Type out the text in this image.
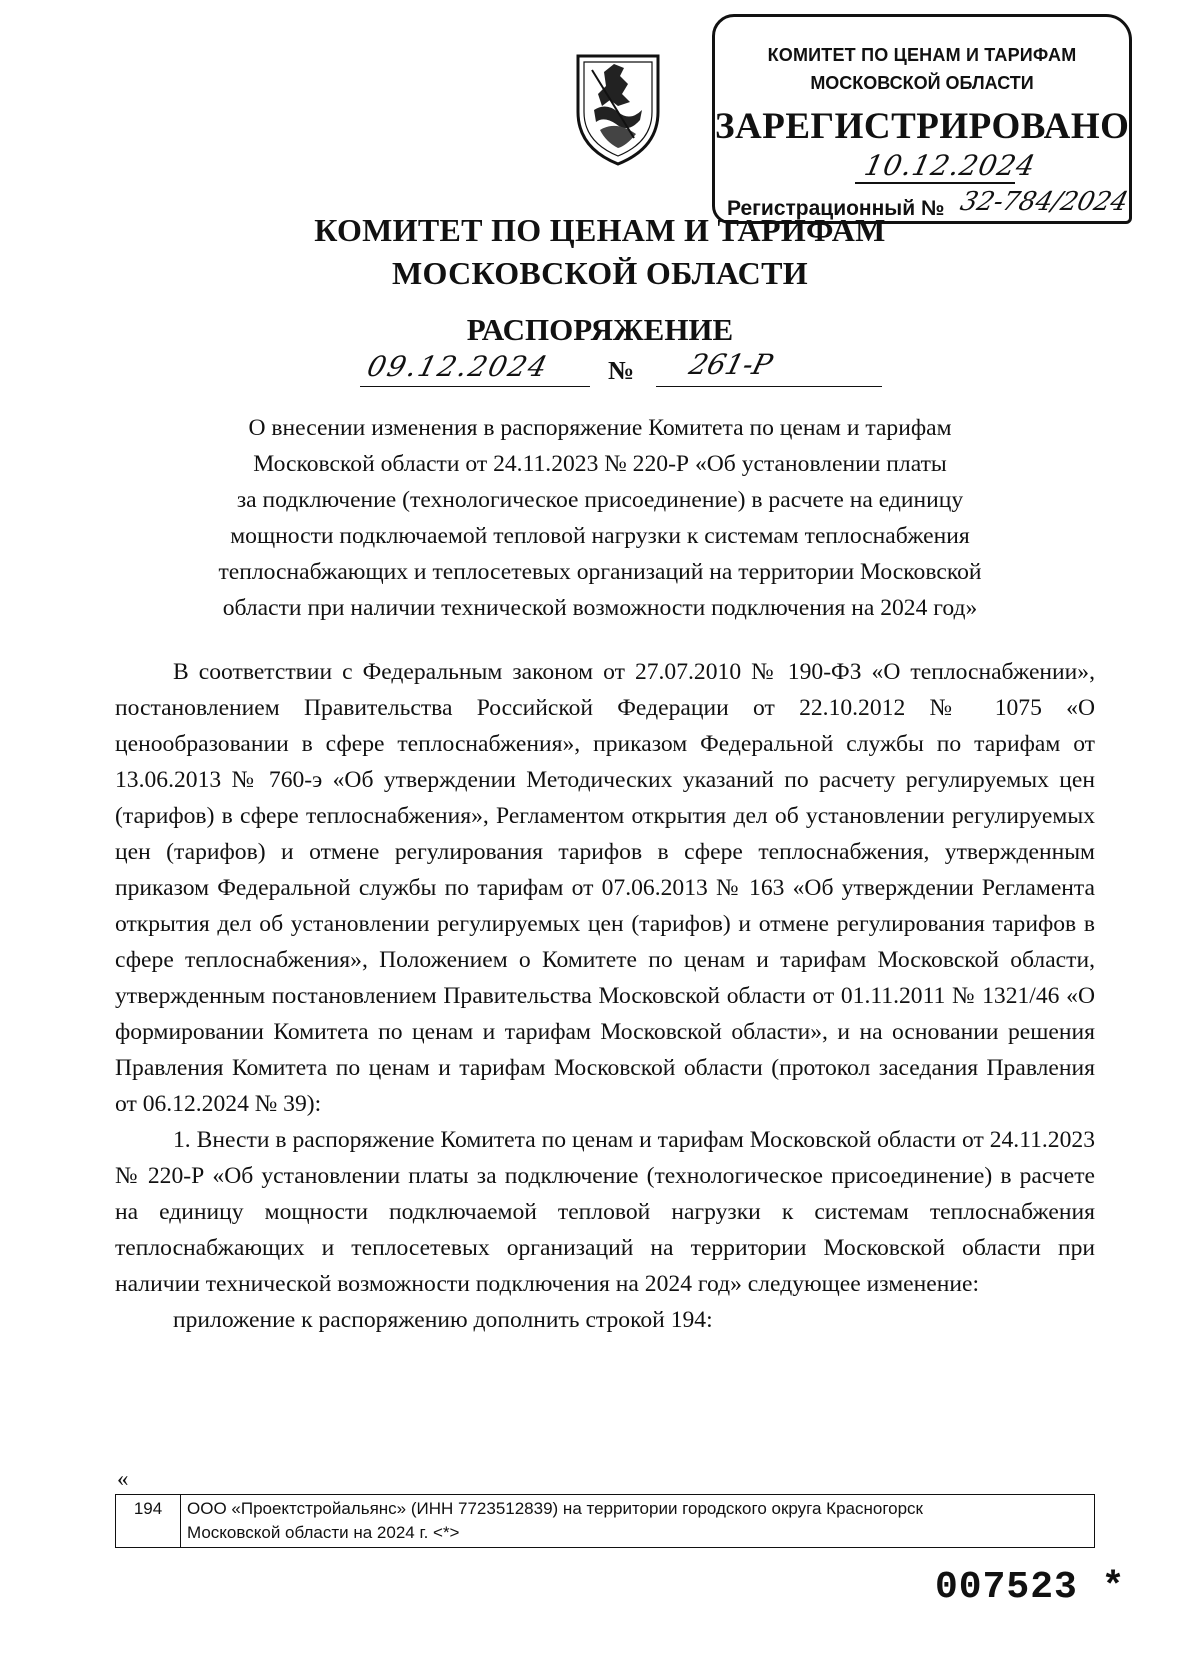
КОМИТЕТ ПО ЦЕНАМ И ТАРИФАМ
МОСКОВСКОЙ ОБЛАСТИ
ЗАРЕГИСТРИРОВАНО
10.12.2024
Регистрационный № 32-784/2024
КОМИТЕТ ПО ЦЕНАМ И ТАРИФАМ
МОСКОВСКОЙ ОБЛАСТИ
РАСПОРЯЖЕНИЕ
09.12.2024 № 261-Р
О внесении изменения в распоряжение Комитета по ценам и тарифам
Московской области от 24.11.2023 № 220-Р «Об установлении платы
за подключение (технологическое присоединение) в расчете на единицу
мощности подключаемой тепловой нагрузки к системам теплоснабжения
теплоснабжающих и теплосетевых организаций на территории Московской
области при наличии технической возможности подключения на 2024 год»

В соответствии с Федеральным законом от 27.07.2010 № 190-ФЗ «О теплоснабжении», постановлением Правительства Российской Федерации от 22.10.2012 № 1075 «О ценообразовании в сфере теплоснабжения», приказом Федеральной службы по тарифам от 13.06.2013 № 760-э «Об утверждении Методических указаний по расчету регулируемых цен (тарифов) в сфере теплоснабжения», Регламентом открытия дел об установлении регулируемых цен (тарифов) и отмене регулирования тарифов в сфере теплоснабжения, утвержденным приказом Федеральной службы по тарифам от 07.06.2013 № 163 «Об утверждении Регламента открытия дел об установлении регулируемых цен (тарифов) и отмене регулирования тарифов в сфере теплоснабжения», Положением о Комитете по ценам и тарифам Московской области, утвержденным постановлением Правительства Московской области от 01.11.2011 № 1321/46 «О формировании Комитета по ценам и тарифам Московской области», и на основании решения Правления Комитета по ценам и тарифам Московской области (протокол заседания Правления от 06.12.2024 № 39):

1. Внести в распоряжение Комитета по ценам и тарифам Московской области от 24.11.2023 № 220-Р «Об установлении платы за подключение (технологическое присоединение) в расчете на единицу мощности подключаемой тепловой нагрузки к системам теплоснабжения теплоснабжающих и теплосетевых организаций на территории Московской области при наличии технической возможности подключения на 2024 год» следующее изменение:

приложение к распоряжению дополнить строкой 194:

«
194	ООО «Проектстройальянс» (ИНН 7723512839) на территории городского округа Красногорск
Московской области на 2024 г. <*>
007523 *
